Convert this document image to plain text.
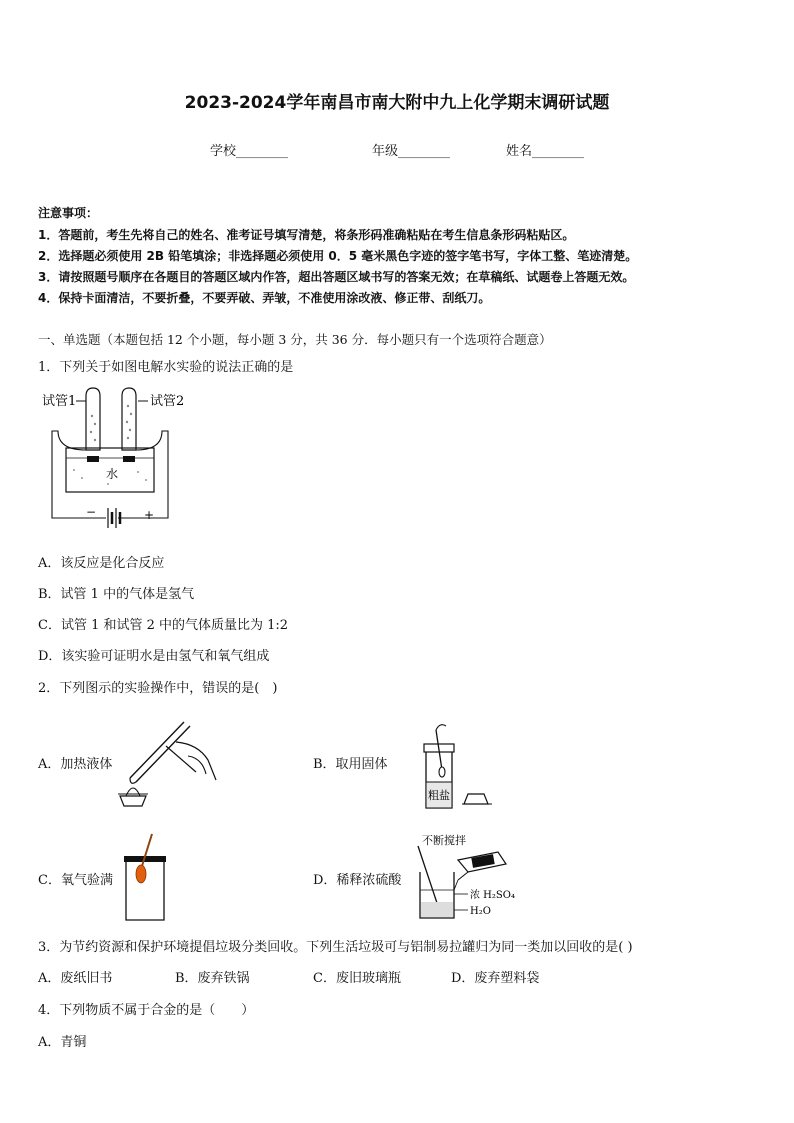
2023-2024学年南昌市南大附中九上化学期末调研试题
学校________	年级________	姓名________
注意事项：
1．答题前，考生先将自己的姓名、准考证号填写清楚，将条形码准确粘贴在考生信息条形码粘贴区。
2．选择题必须使用 2B 铅笔填涂；非选择题必须使用 0．5 毫米黑色字迹的签字笔书写，字体工整、笔迹清楚。
3．请按照题号顺序在各题目的答题区域内作答，超出答题区域书写的答案无效；在草稿纸、试题卷上答题无效。
4．保持卡面清洁，不要折叠，不要弄破、弄皱，不准使用涂改液、修正带、刮纸刀。
一、单选题（本题包括 12 个小题，每小题 3 分，共 36 分．每小题只有一个选项符合题意）
1．下列关于如图电解水实验的说法正确的是
试管1	试管2
水
−	+
A．该反应是化合反应
B．试管 1 中的气体是氢气
C．试管 1 和试管 2 中的气体质量比为 1:2
D．该实验可证明水是由氢气和氧气组成
2．下列图示的实验操作中，错误的是(　)
A．加热液体	B．取用固体
粗盐
C．氧气验满	D．稀释浓硫酸
不断搅拌
浓 H₂SO₄
H₂O
3．为节约资源和保护环境提倡垃圾分类回收。下列生活垃圾可与铝制易拉罐归为同一类加以回收的是( )
A．废纸旧书	B．废弃铁锅	C．废旧玻璃瓶	D．废弃塑料袋
4．下列物质不属于合金的是（　　）
A．青铜
